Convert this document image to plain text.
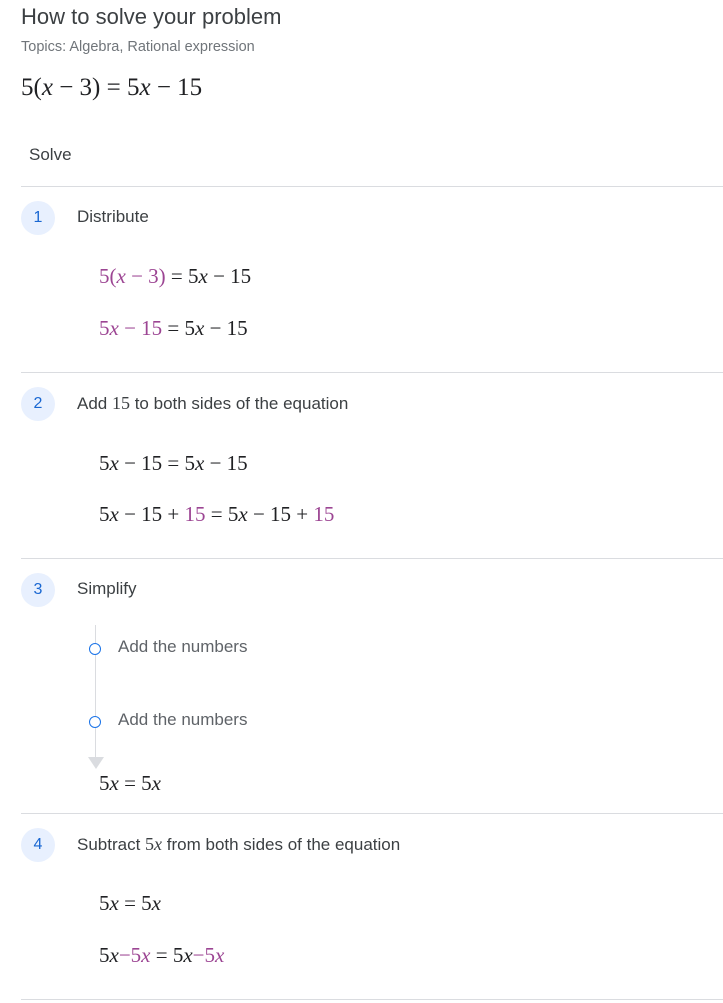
How to solve your problem
Topics: Algebra, Rational expression
5(x − 3) = 5x − 15
Solve
1	Distribute
5(x − 3) = 5x − 15
5x − 15 = 5x − 15
2	Add 15 to both sides of the equation
5x − 15 = 5x − 15
5x − 15 + 15 = 5x − 15 + 15
3	Simplify
Add the numbers
Add the numbers
5x = 5x
4	Subtract 5x from both sides of the equation
5x = 5x
5x−5x = 5x−5x
